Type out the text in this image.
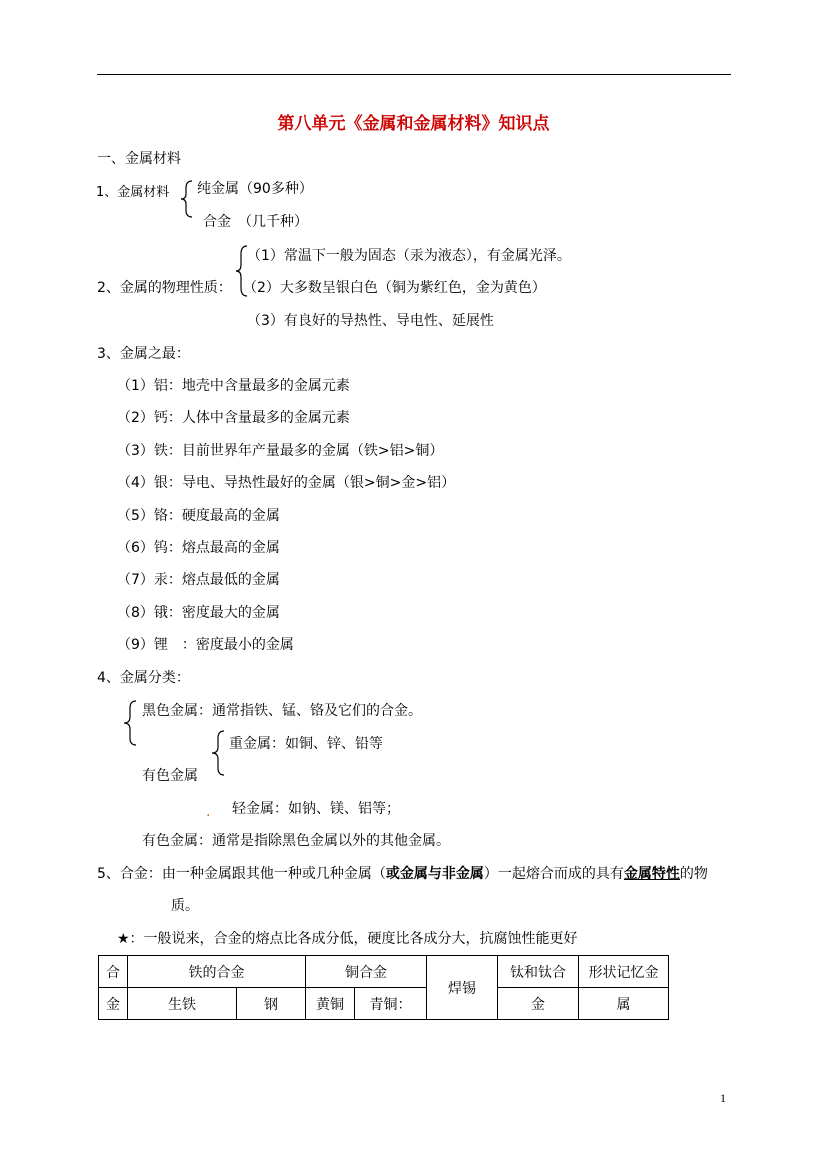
第八单元《金属和金属材料》知识点
一、金属材料
1、金属材料 纯金属（90多种）
合金　（几千种）
（1）常温下一般为固态（汞为液态），有金属光泽。
2、金属的物理性质： （2）大多数呈银白色（铜为紫红色，金为黄色）
（3）有良好的导热性、导电性、延展性
3、金属之最：
（1）铝：地壳中含量最多的金属元素
（2）钙：人体中含量最多的金属元素
（3）铁：目前世界年产量最多的金属（铁>铝>铜）
（4）银：导电、导热性最好的金属（银>铜>金>铝）
（5）铬：硬度最高的金属
（6）钨：熔点最高的金属
（7）汞：熔点最低的金属
（8）锇：密度最大的金属
（9）锂　：密度最小的金属
4、金属分类：
黑色金属：通常指铁、锰、铬及它们的合金。
重金属：如铜、锌、铅等
有色金属
. 轻金属：如钠、镁、铝等；
有色金属：通常是指除黑色金属以外的其他金属。
5、合金：由一种金属跟其他一种或几种金属（或金属与非金属）一起熔合而成的具有金属特性的物
质。
★：一般说来，合金的熔点比各成分低，硬度比各成分大，抗腐蚀性能更好
合	铁的合金		铜合金		焊锡	钛和钛合	形状记忆金
金	生铁	钢	黄铜	青铜：		金	属
1
